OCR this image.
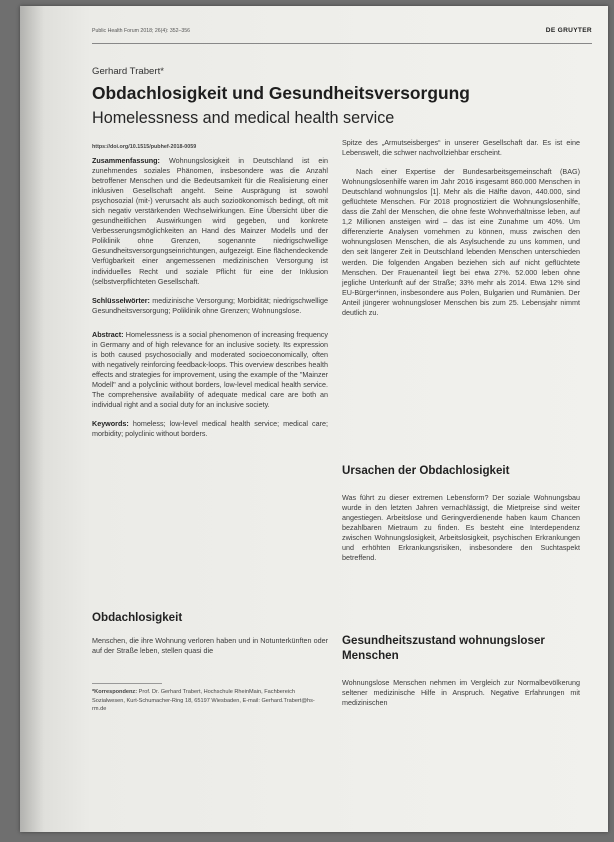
Public Health Forum 2018; 26(4): 352–356	DE GRUYTER
Gerhard Trabert*
Obdachlosigkeit und Gesundheitsversorgung
Homelessness and medical health service
https://doi.org/10.1515/pubhef-2018-0059

Zusammenfassung: Wohnungslosigkeit in Deutschland ist ein zunehmendes soziales Phänomen, insbesondere was die Anzahl betroffener Menschen und die Bedeutsamkeit für die Realisierung einer inklusiven Gesellschaft angeht. Seine Ausprägung ist sowohl psychosozial (mit-) verursacht als auch sozioökonomisch bedingt, oft mit sich negativ verstärkenden Wechselwirkungen. Eine Übersicht über die gesundheitlichen Auswirkungen wird gegeben, und konkrete Verbesserungsmöglichkeiten an Hand des Mainzer Modells und der Poliklinik ohne Grenzen, sogenannte niedrigschwellige Gesundheitsversorgungseinrichtungen, aufgezeigt. Eine flächendeckende Verfügbarkeit einer angemessenen medizinischen Versorgung ist individuelles Recht und soziale Pflicht für eine der Inklusion (selbstverpflichteten Gesellschaft.

Schlüsselwörter: medizinische Versorgung; Morbidität; niedrigschwellige Gesundheitsversorgung; Poliklinik ohne Grenzen; Wohnungslose.

Abstract: Homelessness is a social phenomenon of increasing frequency in Germany and of high relevance for an inclusive society. Its expression is both caused psychosocially and moderated socioeconomically, often with negatively reinforcing feedback-loops. This overview describes health effects and strategies for improvement, using the example of the "Mainzer Modell" and a polyclinic without borders, low-level medical health service. The comprehensive availability of adequate medical care are both an individual right and a social duty for an inclusive society.

Keywords: homeless; low-level medical health service; medical care; morbidity; polyclinic without borders.

Obdachlosigkeit
Menschen, die ihre Wohnung verloren haben und in Notunterkünften oder auf der Straße leben, stellen quasi die
*Korrespondenz: Prof. Dr. Gerhard Trabert, Hochschule RheinMain, Fachbereich Sozialwesen, Kurt-Schumacher-Ring 18, 65197 Wiesbaden, E-mail: Gerhard.Trabert@hs-rm.de

Spitze des „Armutseisberges“ in unserer Gesellschaft dar. Es ist eine Lebenswelt, die schwer nachvollziehbar erscheint.

Nach einer Expertise der Bundesarbeitsgemeinschaft (BAG) Wohnungslosenhilfe waren im Jahr 2016 insgesamt 860.000 Menschen in Deutschland wohnungslos [1]. Mehr als die Hälfte davon, 440.000, sind geflüchtete Menschen. Für 2018 prognostiziert die Wohnungslosenhilfe, dass die Zahl der Menschen, die ohne feste Wohnverhältnisse leben, auf 1,2 Millionen ansteigen wird – das ist eine Zunahme um 40%. Um differenzierte Analysen vornehmen zu können, muss zwischen den wohnungslosen Menschen, die als Asylsuchende zu uns kommen, und den seit längerer Zeit in Deutschland lebenden Menschen unterschieden werden. Die folgenden Angaben beziehen sich auf nicht geflüchtete Menschen. Der Frauenanteil liegt bei etwa 27%. 52.000 leben ohne jegliche Unterkunft auf der Straße; 33% mehr als 2014. Etwa 12% sind EU-Bürger*innen, insbesondere aus Polen, Bulgarien und Rumänien. Der Anteil jüngerer wohnungsloser Menschen bis zum 25. Lebensjahr nimmt deutlich zu.

Ursachen der Obdachlosigkeit
Was führt zu dieser extremen Lebensform? Der soziale Wohnungsbau wurde in den letzten Jahren vernachlässigt, die Mietpreise sind weiter angestiegen. Arbeitslose und Geringverdienende haben kaum Chancen bezahlbaren Mietraum zu finden. Es besteht eine Interdependenz zwischen Wohnungslosigkeit, Arbeitslosigkeit, psychischen Erkrankungen und erhöhten Erkrankungsrisiken, insbesondere den Suchtaspekt betreffend.
Gesundheitszustand wohnungsloser Menschen
Wohnungslose Menschen nehmen im Vergleich zur Normalbevölkerung seltener medizinische Hilfe in Anspruch. Negative Erfahrungen mit medizinischen
